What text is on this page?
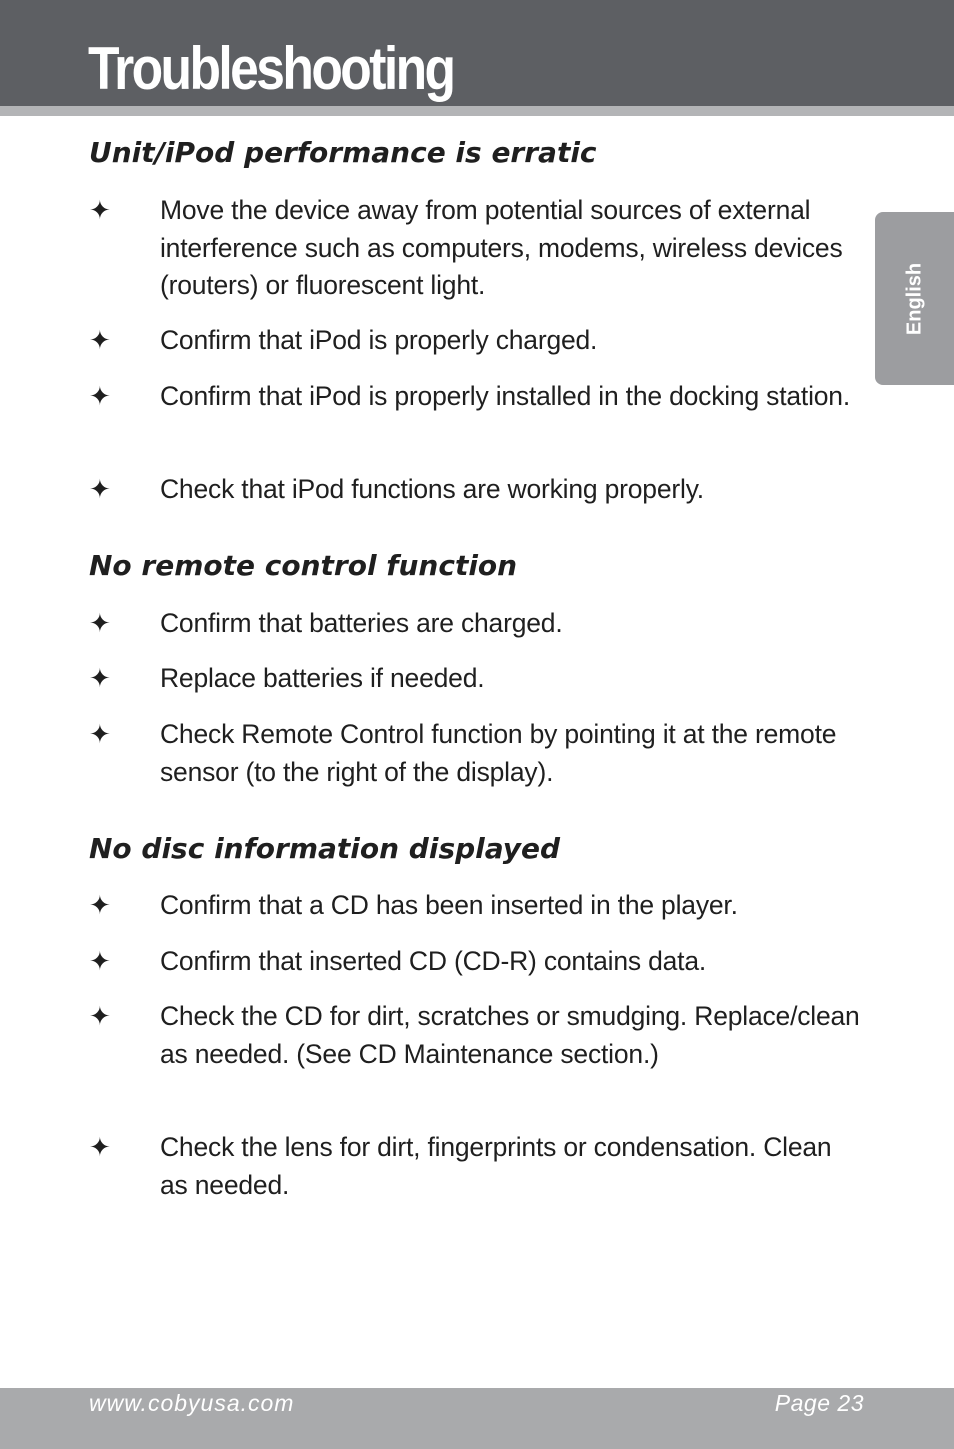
Troubleshooting
English
Unit/iPod performance is erratic
✦	Move the device away from potential sources of external interference such as computers, modems, wireless devices (routers) or fluorescent light.
✦	Confirm that iPod is properly charged.
✦	Confirm that iPod is properly installed in the docking station.
✦	Check that iPod functions are working properly.
No remote control function
✦	Confirm that batteries are charged.
✦	Replace batteries if needed.
✦	Check Remote Control function by pointing it at the remote sensor (to the right of the display).
No disc information displayed
✦	Confirm that a CD has been inserted in the player.
✦	Confirm that inserted CD (CD-R) contains data.
✦	Check the CD for dirt, scratches or smudging. Replace/clean as needed. (See CD Maintenance section.)
✦	Check the lens for dirt, fingerprints or condensation. Clean as needed.
www.cobyusa.com	Page 23
